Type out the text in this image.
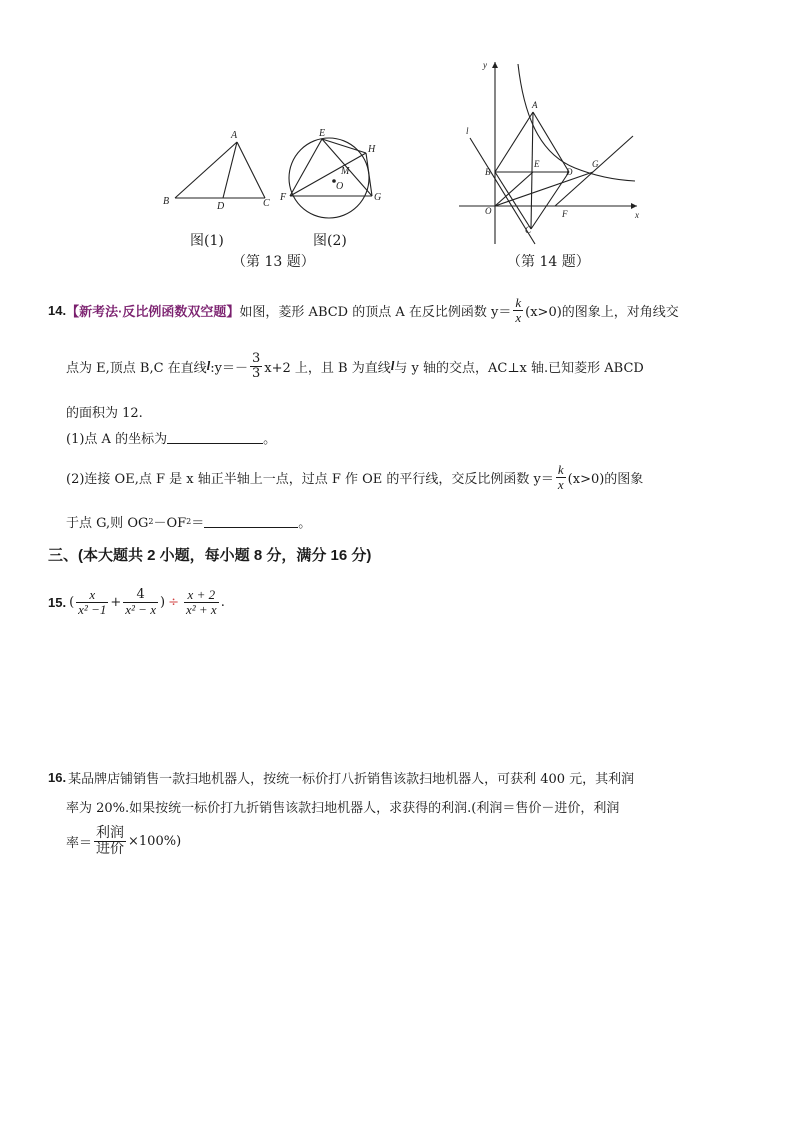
A
B	C
D
图(1)
E
H
M
O
F	G
图(2)
（第 13 题）
y
x
l
A
B
E
D
G
O	F
C
（第 14 题）
14. 【新考法·反比例函数双空题】 如图，菱形 ABCD 的顶点 A 在反比例函数 $y= \frac{k}{x} (x>0)$的图象上，对角线交
点为 E,顶点 B,C 在直线 l :y＝－ $\frac{3}{3} x+2$ 上，且 B 为直线 l 与 y 轴的交点，AC⊥x 轴.已知菱形 ABCD
的面积为 12.
(1)点 A 的坐标为	。
(2)连接 OE,点 F 是 x 轴正半轴上一点，过点 F 作 OE 的平行线，交反比例函数 $y= \frac{k}{x} (x>0)$的图象
于点 G,则 OG 2 －OF 2 ＝	。
三、(本大题共 2 小题，每小题 8 分，满分 16 分)
15. ( $\frac{x}{\text{x² −1}} + \frac{4}{\text{x² − x}}$ ) ÷ $\frac{x + 2}{\text{x² + x}}$ .
16. 某品牌店铺销售一款扫地机器人，按统一标价打八折销售该款扫地机器人，可获利 400 元，其利润
率为 20%.如果按统一标价打九折销售该款扫地机器人，求获得的利润.(利润＝售价－进价，利润
率＝ $\frac{\text{利润}}{\text{进价}} \times 100\%$)
